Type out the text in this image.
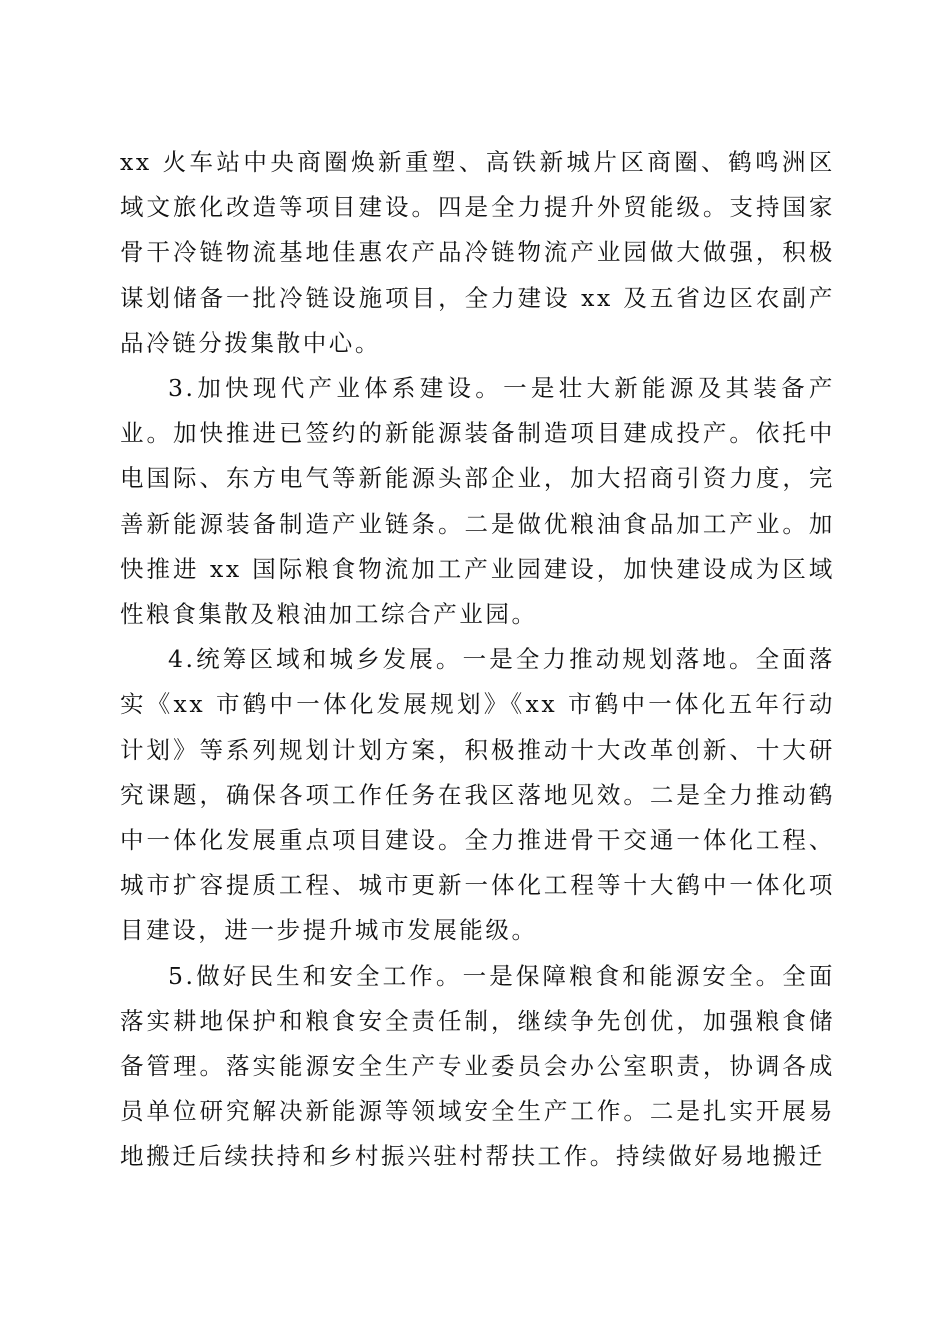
xx 火车站中央商圈焕新重塑、高铁新城片区商圈、鹤鸣洲区域文旅化改造等项目建设。四是全力提升外贸能级。支持国家骨干冷链物流基地佳惠农产品冷链物流产业园做大做强，积极谋划储备一批冷链设施项目，全力建设 xx 及五省边区农副产品冷链分拨集散中心。

3.加快现代产业体系建设。一是壮大新能源及其装备产业。加快推进已签约的新能源装备制造项目建成投产。依托中电国际、东方电气等新能源头部企业，加大招商引资力度，完善新能源装备制造产业链条。二是做优粮油食品加工产业。加快推进 xx 国际粮食物流加工产业园建设，加快建设成为区域性粮食集散及粮油加工综合产业园。

4.统筹区域和城乡发展。一是全力推动规划落地。全面落实《xx 市鹤中一体化发展规划》《xx 市鹤中一体化五年行动计划》等系列规划计划方案，积极推动十大改革创新、十大研究课题，确保各项工作任务在我区落地见效。二是全力推动鹤中一体化发展重点项目建设。全力推进骨干交通一体化工程、城市扩容提质工程、城市更新一体化工程等十大鹤中一体化项目建设，进一步提升城市发展能级。

5.做好民生和安全工作。一是保障粮食和能源安全。全面落实耕地保护和粮食安全责任制，继续争先创优，加强粮食储备管理。落实能源安全生产专业委员会办公室职责，协调各成员单位研究解决新能源等领域安全生产工作。二是扎实开展易地搬迁后续扶持和乡村振兴驻村帮扶工作。持续做好易地搬迁
